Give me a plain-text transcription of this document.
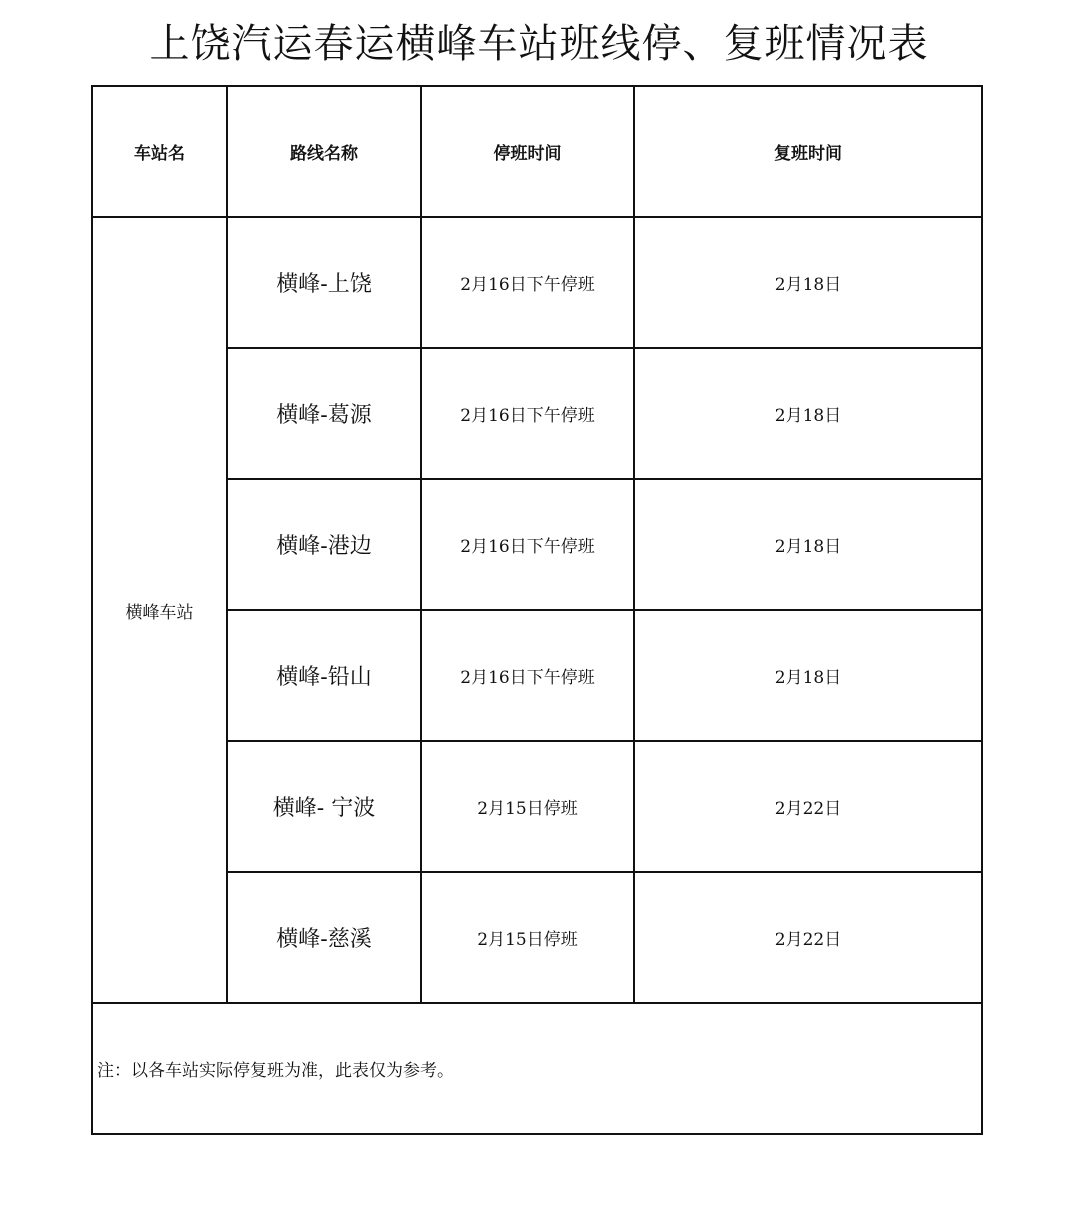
上饶汽运春运横峰车站班线停、复班情况表
车站名	路线名称	停班时间	复班时间
横峰车站	横峰-上饶	2月16日下午停班	2月18日
	横峰-葛源	2月16日下午停班	2月18日
	横峰-港边	2月16日下午停班	2月18日
	横峰-铅山	2月16日下午停班	2月18日
	横峰- 宁波	2月15日停班	2月22日
	横峰-慈溪	2月15日停班	2月22日
注：以各车站实际停复班为准，此表仅为参考。			
